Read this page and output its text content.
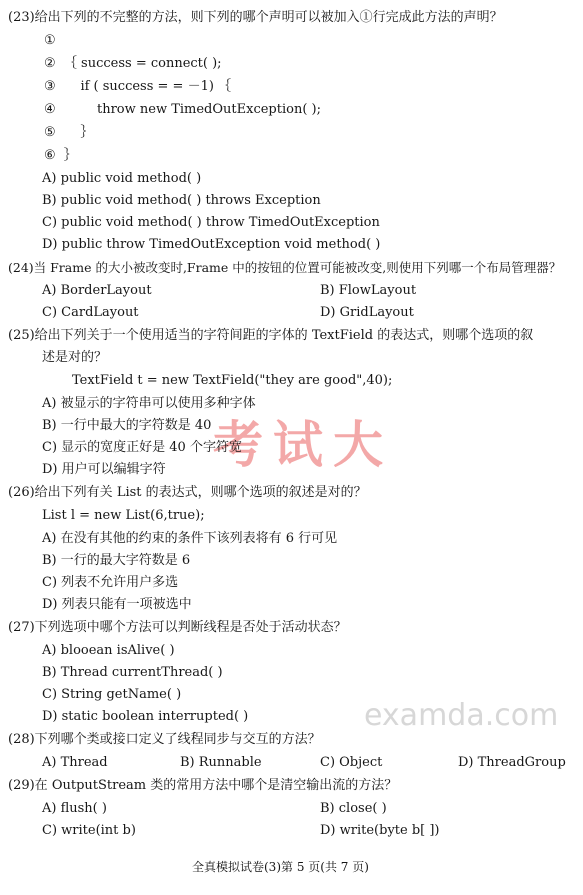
考试大
examda.com
(23)给出下列的不完整的方法，则下列的哪个声明可以被加入①行完成此方法的声明？
①
②  ｛ success = connect( );
③      if ( success = = －1) ｛
④          throw new TimedOutException( );
⑤      ｝
⑥  ｝
A) public void method( )
B) public void method( ) throws Exception
C) public void method( ) throw TimedOutException
D) public throw TimedOutException void method( )
(24)当 Frame 的大小被改变时,Frame 中的按钮的位置可能被改变,则使用下列哪一个布局管理器？
A) BorderLayout	B) FlowLayout
C) CardLayout	D) GridLayout
(25)给出下列关于一个使用适当的字符间距的字体的 TextField 的表达式，则哪个选项的叙
述是对的？
TextField t = new TextField("they are good",40);
A) 被显示的字符串可以使用多种字体
B) 一行中最大的字符数是 40
C) 显示的宽度正好是 40 个字符宽
D) 用户可以编辑字符
(26)给出下列有关 List 的表达式，则哪个选项的叙述是对的？
List l = new List(6,true);
A) 在没有其他的约束的条件下该列表将有 6 行可见
B) 一行的最大字符数是 6
C) 列表不允许用户多选
D) 列表只能有一项被选中
(27)下列选项中哪个方法可以判断线程是否处于活动状态？
A) blooean isAlive( )
B) Thread currentThread( )
C) String getName( )
D) static boolean interrupted( )
(28)下列哪个类或接口定义了线程同步与交互的方法？
A) Thread	B) Runnable	C) Object	D) ThreadGroup
(29)在 OutputStream 类的常用方法中哪个是清空输出流的方法？
A) flush( )	B) close( )
C) write(int b)	D) write(byte b[ ])
全真模拟试卷(3)第 5 页(共 7 页)
